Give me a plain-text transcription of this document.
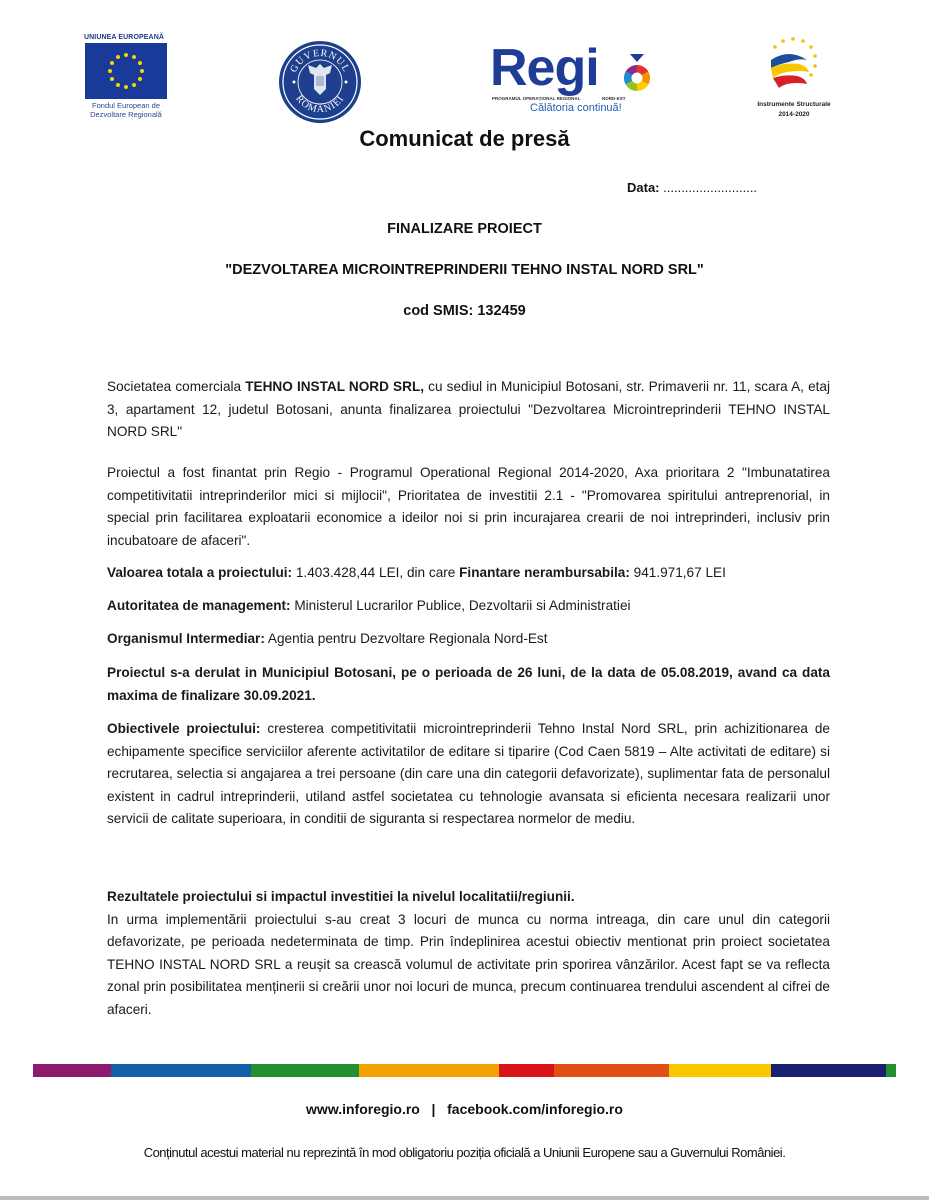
UNIUNEA EUROPEANĂ
Fondul European de
Dezvoltare Regională
GUVERNUL
ROMÂNIEI
Regi
PROGRAMUL OPERAȚIONAL REGIONAL	NORD-EST
Călătoria continuă!	Instrumente Structurale
2014-2020
Comunicat de presă
Data: ..........................
FINALIZARE PROIECT
"DEZVOLTAREA MICROINTREPRINDERII TEHNO INSTAL NORD SRL"
cod SMIS: 132459

Societatea comerciala TEHNO INSTAL NORD SRL, cu sediul in Municipiul Botosani, str. Primaverii nr. 11, scara A, etaj 3, apartament 12, judetul Botosani, anunta finalizarea proiectului "Dezvoltarea Microintreprinderii TEHNO INSTAL NORD SRL"

Proiectul a fost finantat prin Regio - Programul Operational Regional 2014-2020, Axa prioritara 2 "Imbunatatirea competitivitatii intreprinderilor mici si mijlocii", Prioritatea de investitii 2.1 - "Promovarea spiritului antreprenorial, in special prin facilitarea exploatarii economice a ideilor noi si prin incurajarea crearii de noi intreprinderi, inclusiv prin incubatoare de afaceri".

Valoarea totala a proiectului: 1.403.428,44 LEI, din care Finantare nerambursabila: 941.971,67 LEI

Autoritatea de management: Ministerul Lucrarilor Publice, Dezvoltarii si Administratiei

Organismul Intermediar: Agentia pentru Dezvoltare Regionala Nord-Est

Proiectul s-a derulat in Municipiul Botosani, pe o perioada de 26 luni, de la data de 05.08.2019, avand ca data maxima de finalizare 30.09.2021.

Obiectivele proiectului: cresterea competitivitatii microintreprinderii Tehno Instal Nord SRL, prin achizitionarea de echipamente specifice serviciilor aferente activitatilor de editare si tiparire (Cod Caen 5819 – Alte activitati de editare) si recrutarea, selectia si angajarea a trei persoane (din care una din categorii defavorizate), suplimentar fata de personalul existent in cadrul intreprinderii, utiland astfel societatea cu tehnologie avansata si eficienta necesara realizarii unor servicii de calitate superioara, in conditii de siguranta si respectarea normelor de mediu.

Rezultatele proiectului si impactul investitiei la nivelul localitatii/regiunii.

In urma implementării proiectului s-au creat 3 locuri de munca cu norma intreaga, din care unul din categorii defavorizate, pe perioada nedeterminata de timp. Prin îndeplinirea acestui obiectiv mentionat prin proiect societatea TEHNO INSTAL NORD SRL a reușit sa crească volumul de activitate prin sporirea vânzărilor. Acest fapt se va reflecta zonal prin posibilitatea menținerii si creării unor noi locuri de munca, precum continuarea trendului ascendent al cifrei de afaceri.

www.inforegio.ro | facebook.com/inforegio.ro
Conținutul acestui material nu reprezintă în mod obligatoriu poziția oficială a Uniunii Europene sau a Guvernului României.
